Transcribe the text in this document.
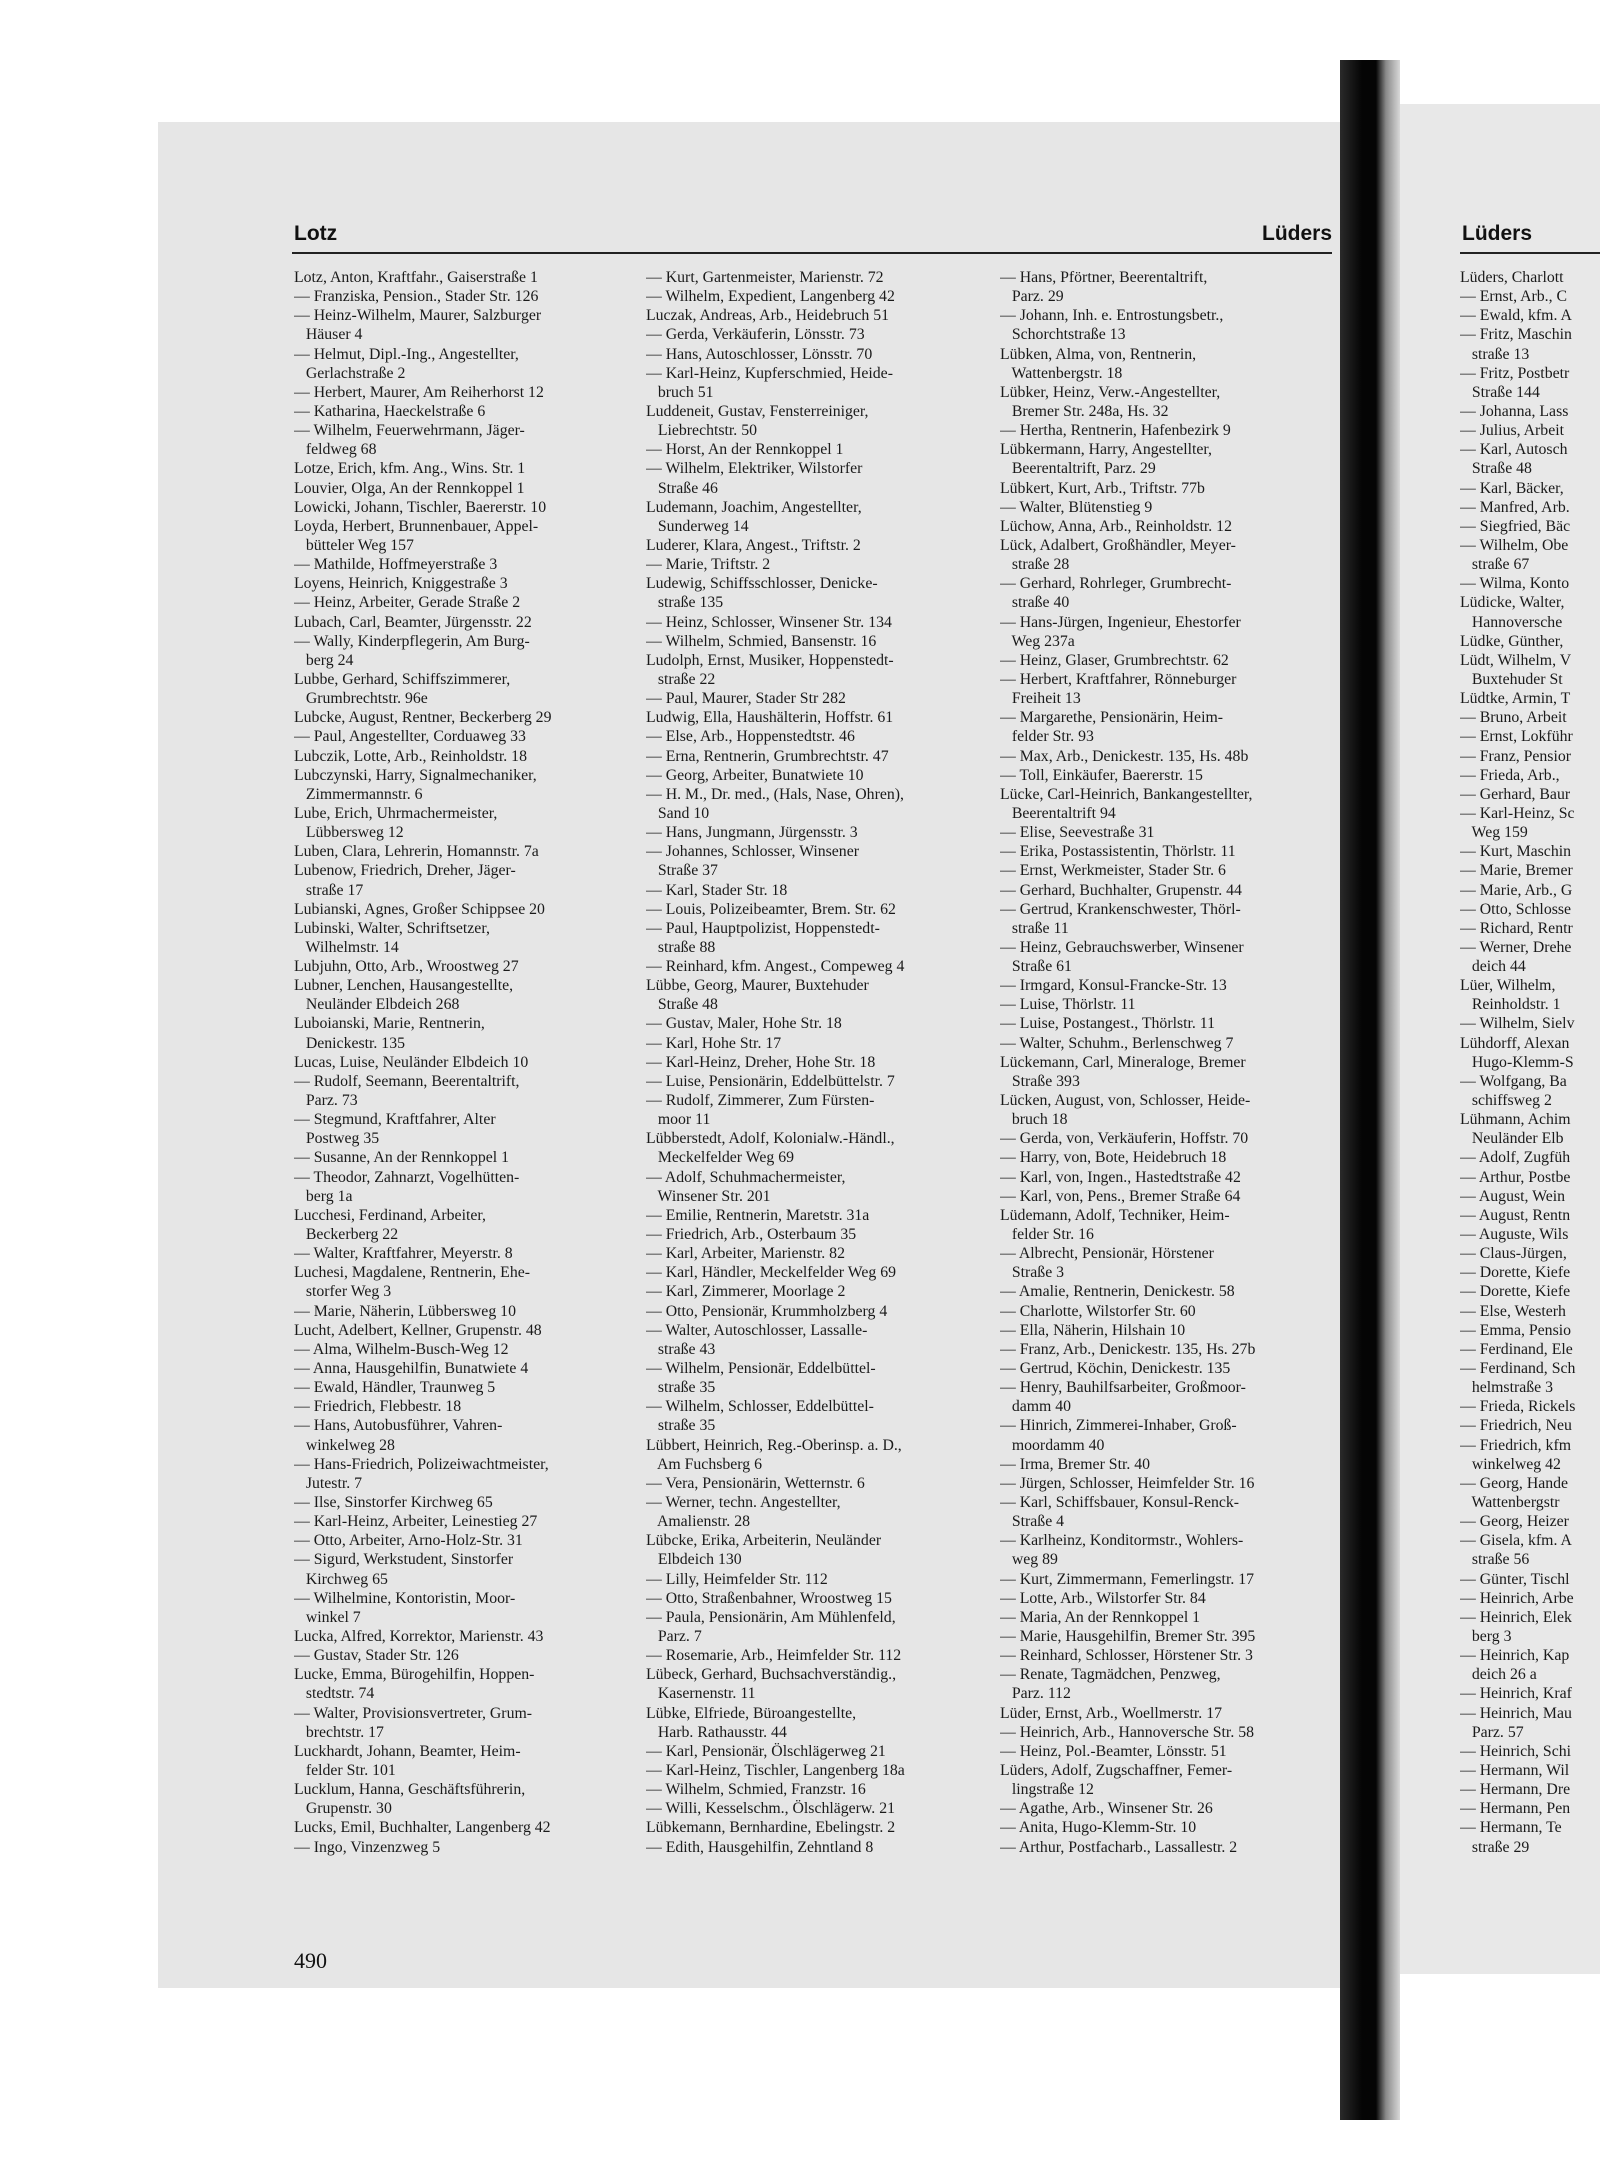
Lotz	Lüders	Lüders
Lotz, Anton, Kraftfahr., Gaiserstraße 1
— Franziska, Pension., Stader Str. 126
— Heinz-Wilhelm, Maurer, Salzburger
Häuser 4
— Helmut, Dipl.-Ing., Angestellter,
Gerlachstraße 2
— Herbert, Maurer, Am Reiherhorst 12
— Katharina, Haeckelstraße 6
— Wilhelm, Feuerwehrmann, Jäger-
feldweg 68
Lotze, Erich, kfm. Ang., Wins. Str. 1
Louvier, Olga, An der Rennkoppel 1
Lowicki, Johann, Tischler, Baererstr. 10
Loyda, Herbert, Brunnenbauer, Appel-
bütteler Weg 157
— Mathilde, Hoffmeyerstraße 3
Loyens, Heinrich, Kniggestraße 3
— Heinz, Arbeiter, Gerade Straße 2
Lubach, Carl, Beamter, Jürgensstr. 22
— Wally, Kinderpflegerin, Am Burg-
berg 24
Lubbe, Gerhard, Schiffszimmerer,
Grumbrechtstr. 96e
Lubcke, August, Rentner, Beckerberg 29
— Paul, Angestellter, Corduaweg 33
Lubczik, Lotte, Arb., Reinholdstr. 18
Lubczynski, Harry, Signalmechaniker,
Zimmermannstr. 6
Lube, Erich, Uhrmachermeister,
Lübbersweg 12
Luben, Clara, Lehrerin, Homannstr. 7a
Lubenow, Friedrich, Dreher, Jäger-
straße 17
Lubianski, Agnes, Großer Schippsee 20
Lubinski, Walter, Schriftsetzer,
Wilhelmstr. 14
Lubjuhn, Otto, Arb., Wroostweg 27
Lubner, Lenchen, Hausangestellte,
Neuländer Elbdeich 268
Luboianski, Marie, Rentnerin,
Denickestr. 135
Lucas, Luise, Neuländer Elbdeich 10
— Rudolf, Seemann, Beerentaltrift,
Parz. 73
— Stegmund, Kraftfahrer, Alter
Postweg 35
— Susanne, An der Rennkoppel 1
— Theodor, Zahnarzt, Vogelhütten-
berg 1a
Lucchesi, Ferdinand, Arbeiter,
Beckerberg 22
— Walter, Kraftfahrer, Meyerstr. 8
Luchesi, Magdalene, Rentnerin, Ehe-
storfer Weg 3
— Marie, Näherin, Lübbersweg 10
Lucht, Adelbert, Kellner, Grupenstr. 48
— Alma, Wilhelm-Busch-Weg 12
— Anna, Hausgehilfin, Bunatwiete 4
— Ewald, Händler, Traunweg 5
— Friedrich, Flebbestr. 18
— Hans, Autobusführer, Vahren-
winkelweg 28
— Hans-Friedrich, Polizeiwachtmeister,
Jutestr. 7
— Ilse, Sinstorfer Kirchweg 65
— Karl-Heinz, Arbeiter, Leinestieg 27
— Otto, Arbeiter, Arno-Holz-Str. 31
— Sigurd, Werkstudent, Sinstorfer
Kirchweg 65
— Wilhelmine, Kontoristin, Moor-
winkel 7
Lucka, Alfred, Korrektor, Marienstr. 43
— Gustav, Stader Str. 126
Lucke, Emma, Bürogehilfin, Hoppen-
stedtstr. 74
— Walter, Provisionsvertreter, Grum-
brechtstr. 17
Luckhardt, Johann, Beamter, Heim-
felder Str. 101
Lucklum, Hanna, Geschäftsführerin,
Grupenstr. 30
Lucks, Emil, Buchhalter, Langenberg 42
— Ingo, Vinzenzweg 5
— Kurt, Gartenmeister, Marienstr. 72
— Wilhelm, Expedient, Langenberg 42
Luczak, Andreas, Arb., Heidebruch 51
— Gerda, Verkäuferin, Lönsstr. 73
— Hans, Autoschlosser, Lönsstr. 70
— Karl-Heinz, Kupferschmied, Heide-
bruch 51
Luddeneit, Gustav, Fensterreiniger,
Liebrechtstr. 50
— Horst, An der Rennkoppel 1
— Wilhelm, Elektriker, Wilstorfer
Straße 46
Ludemann, Joachim, Angestellter,
Sunderweg 14
Luderer, Klara, Angest., Triftstr. 2
— Marie, Triftstr. 2
Ludewig, Schiffsschlosser, Denicke-
straße 135
— Heinz, Schlosser, Winsener Str. 134
— Wilhelm, Schmied, Bansenstr. 16
Ludolph, Ernst, Musiker, Hoppenstedt-
straße 22
— Paul, Maurer, Stader Str 282
Ludwig, Ella, Haushälterin, Hoffstr. 61
— Else, Arb., Hoppenstedtstr. 46
— Erna, Rentnerin, Grumbrechtstr. 47
— Georg, Arbeiter, Bunatwiete 10
— H. M., Dr. med., (Hals, Nase, Ohren),
Sand 10
— Hans, Jungmann, Jürgensstr. 3
— Johannes, Schlosser, Winsener
Straße 37
— Karl, Stader Str. 18
— Louis, Polizeibeamter, Brem. Str. 62
— Paul, Hauptpolizist, Hoppenstedt-
straße 88
— Reinhard, kfm. Angest., Compeweg 4
Lübbe, Georg, Maurer, Buxtehuder
Straße 48
— Gustav, Maler, Hohe Str. 18
— Karl, Hohe Str. 17
— Karl-Heinz, Dreher, Hohe Str. 18
— Luise, Pensionärin, Eddelbüttelstr. 7
— Rudolf, Zimmerer, Zum Fürsten-
moor 11
Lübberstedt, Adolf, Kolonialw.-Händl.,
Meckelfelder Weg 69
— Adolf, Schuhmachermeister,
Winsener Str. 201
— Emilie, Rentnerin, Maretstr. 31a
— Friedrich, Arb., Osterbaum 35
— Karl, Arbeiter, Marienstr. 82
— Karl, Händler, Meckelfelder Weg 69
— Karl, Zimmerer, Moorlage 2
— Otto, Pensionär, Krummholzberg 4
— Walter, Autoschlosser, Lassalle-
straße 43
— Wilhelm, Pensionär, Eddelbüttel-
straße 35
— Wilhelm, Schlosser, Eddelbüttel-
straße 35
Lübbert, Heinrich, Reg.-Oberinsp. a. D.,
Am Fuchsberg 6
— Vera, Pensionärin, Wetternstr. 6
— Werner, techn. Angestellter,
Amalienstr. 28
Lübcke, Erika, Arbeiterin, Neuländer
Elbdeich 130
— Lilly, Heimfelder Str. 112
— Otto, Straßenbahner, Wroostweg 15
— Paula, Pensionärin, Am Mühlenfeld,
Parz. 7
— Rosemarie, Arb., Heimfelder Str. 112
Lübeck, Gerhard, Buchsachverständig.,
Kasernenstr. 11
Lübke, Elfriede, Büroangestellte,
Harb. Rathausstr. 44
— Karl, Pensionär, Ölschlägerweg 21
— Karl-Heinz, Tischler, Langenberg 18a
— Wilhelm, Schmied, Franzstr. 16
— Willi, Kesselschm., Ölschlägerw. 21
Lübkemann, Bernhardine, Ebelingstr. 2
— Edith, Hausgehilfin, Zehntland 8
— Hans, Pförtner, Beerentaltrift,
Parz. 29
— Johann, Inh. e. Entrostungsbetr.,
Schorchtstraße 13
Lübken, Alma, von, Rentnerin,
Wattenbergstr. 18
Lübker, Heinz, Verw.-Angestellter,
Bremer Str. 248a, Hs. 32
— Hertha, Rentnerin, Hafenbezirk 9
Lübkermann, Harry, Angestellter,
Beerentaltrift, Parz. 29
Lübkert, Kurt, Arb., Triftstr. 77b
— Walter, Blütenstieg 9
Lüchow, Anna, Arb., Reinholdstr. 12
Lück, Adalbert, Großhändler, Meyer-
straße 28
— Gerhard, Rohrleger, Grumbrecht-
straße 40
— Hans-Jürgen, Ingenieur, Ehestorfer
Weg 237a
— Heinz, Glaser, Grumbrechtstr. 62
— Herbert, Kraftfahrer, Rönneburger
Freiheit 13
— Margarethe, Pensionärin, Heim-
felder Str. 93
— Max, Arb., Denickestr. 135, Hs. 48b
— Toll, Einkäufer, Baererstr. 15
Lücke, Carl-Heinrich, Bankangestellter,
Beerentaltrift 94
— Elise, Seevestraße 31
— Erika, Postassistentin, Thörlstr. 11
— Ernst, Werkmeister, Stader Str. 6
— Gerhard, Buchhalter, Grupenstr. 44
— Gertrud, Krankenschwester, Thörl-
straße 11
— Heinz, Gebrauchswerber, Winsener
Straße 61
— Irmgard, Konsul-Francke-Str. 13
— Luise, Thörlstr. 11
— Luise, Postangest., Thörlstr. 11
— Walter, Schuhm., Berlenschweg 7
Lückemann, Carl, Mineraloge, Bremer
Straße 393
Lücken, August, von, Schlosser, Heide-
bruch 18
— Gerda, von, Verkäuferin, Hoffstr. 70
— Harry, von, Bote, Heidebruch 18
— Karl, von, Ingen., Hastedtstraße 42
— Karl, von, Pens., Bremer Straße 64
Lüdemann, Adolf, Techniker, Heim-
felder Str. 16
— Albrecht, Pensionär, Hörstener
Straße 3
— Amalie, Rentnerin, Denickestr. 58
— Charlotte, Wilstorfer Str. 60
— Ella, Näherin, Hilshain 10
— Franz, Arb., Denickestr. 135, Hs. 27b
— Gertrud, Köchin, Denickestr. 135
— Henry, Bauhilfsarbeiter, Großmoor-
damm 40
— Hinrich, Zimmerei-Inhaber, Groß-
moordamm 40
— Irma, Bremer Str. 40
— Jürgen, Schlosser, Heimfelder Str. 16
— Karl, Schiffsbauer, Konsul-Renck-
Straße 4
— Karlheinz, Konditormstr., Wohlers-
weg 89
— Kurt, Zimmermann, Femerlingstr. 17
— Lotte, Arb., Wilstorfer Str. 84
— Maria, An der Rennkoppel 1
— Marie, Hausgehilfin, Bremer Str. 395
— Reinhard, Schlosser, Hörstener Str. 3
— Renate, Tagmädchen, Penzweg,
Parz. 112
Lüder, Ernst, Arb., Woellmerstr. 17
— Heinrich, Arb., Hannoversche Str. 58
— Heinz, Pol.-Beamter, Lönsstr. 51
Lüders, Adolf, Zugschaffner, Femer-
lingstraße 12
— Agathe, Arb., Winsener Str. 26
— Anita, Hugo-Klemm-Str. 10
— Arthur, Postfacharb., Lassallestr. 2
Lüders, Charlott
— Ernst, Arb., C
— Ewald, kfm. A
— Fritz, Maschin
straße 13
— Fritz, Postbetr
Straße 144
— Johanna, Lass
— Julius, Arbeit
— Karl, Autosch
Straße 48
— Karl, Bäcker,
— Manfred, Arb.
— Siegfried, Bäc
— Wilhelm, Obe
straße 67
— Wilma, Konto
Lüdicke, Walter,
Hannoversche
Lüdke, Günther,
Lüdt, Wilhelm, V
Buxtehuder St
Lüdtke, Armin, T
— Bruno, Arbeit
— Ernst, Lokführ
— Franz, Pensior
— Frieda, Arb.,
— Gerhard, Baur
— Karl-Heinz, Sc
Weg 159
— Kurt, Maschin
— Marie, Bremer
— Marie, Arb., G
— Otto, Schlosse
— Richard, Rentr
— Werner, Drehe
deich 44
Lüer, Wilhelm,
Reinholdstr. 1
— Wilhelm, Sielv
Lühdorff, Alexan
Hugo-Klemm-S
— Wolfgang, Ba
schiffsweg 2
Lühmann, Achim
Neuländer Elb
— Adolf, Zugfüh
— Arthur, Postbe
— August, Wein
— August, Rentn
— Auguste, Wils
— Claus-Jürgen,
— Dorette, Kiefe
— Dorette, Kiefe
— Else, Westerh
— Emma, Pensio
— Ferdinand, Ele
— Ferdinand, Sch
helmstraße 3
— Frieda, Rickels
— Friedrich, Neu
— Friedrich, kfm
winkelweg 42
— Georg, Hande
Wattenbergstr
— Georg, Heizer
— Gisela, kfm. A
straße 56
— Günter, Tischl
— Heinrich, Arbe
— Heinrich, Elek
berg 3
— Heinrich, Kap
deich 26 a
— Heinrich, Kraf
— Heinrich, Mau
Parz. 57
— Heinrich, Schi
— Hermann, Wil
— Hermann, Dre
— Hermann, Pen
— Hermann, Te
straße 29
490
